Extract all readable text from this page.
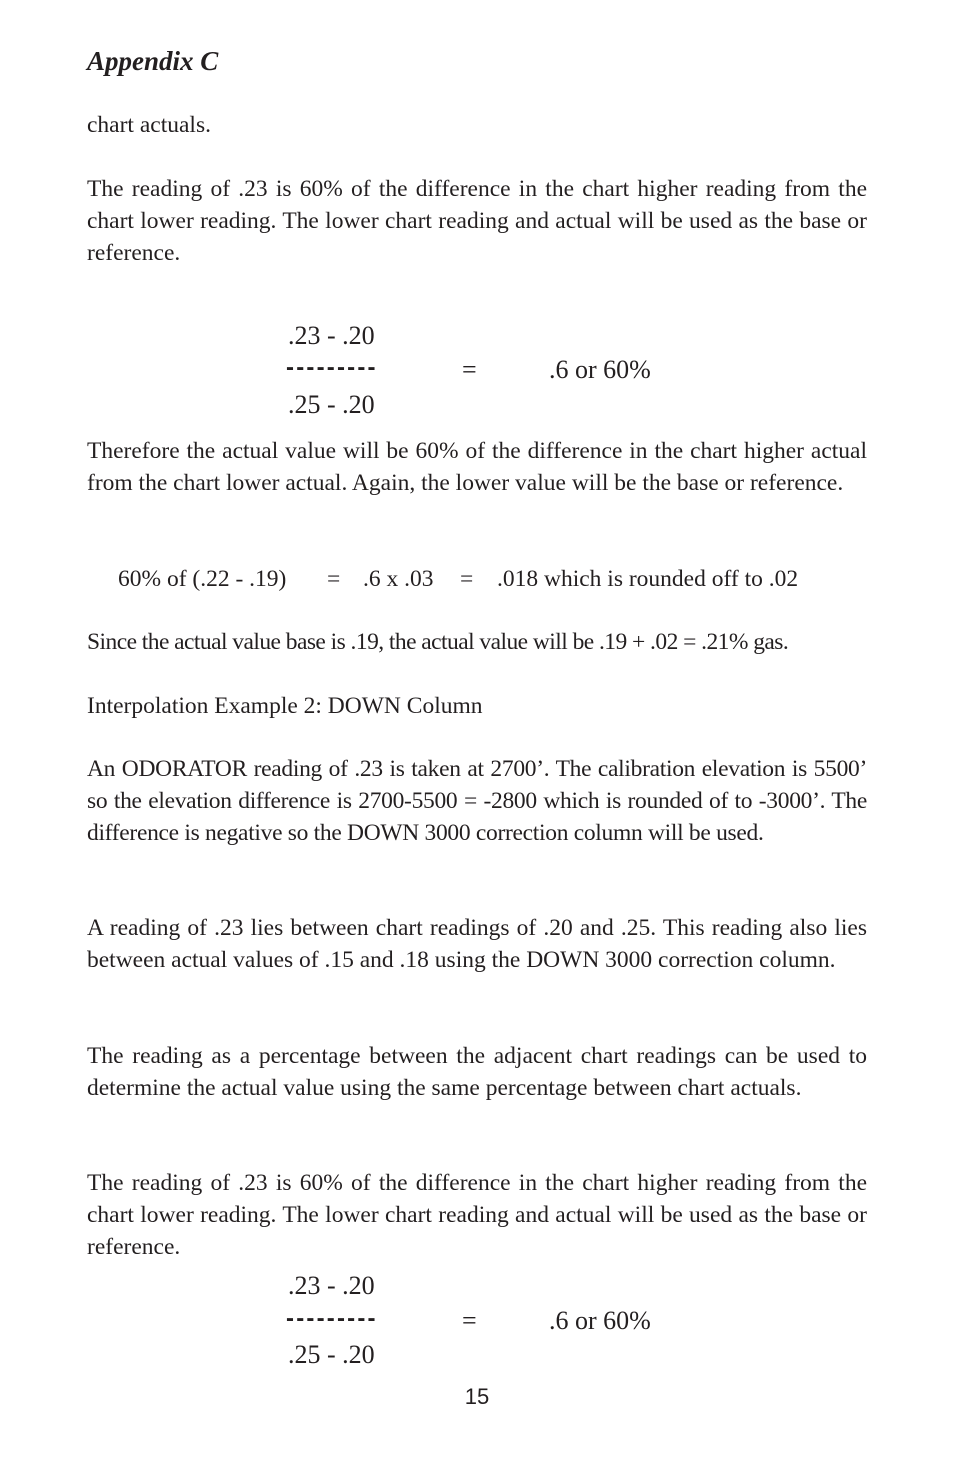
Appendix C
chart actuals.
The reading of .23 is 60% of the difference in the chart higher reading from the chart lower reading. The lower chart reading and actual will be used as the base or reference.
.23 - .20
---------	=	.6 or 60%
.25 - .20
Therefore the actual value will be 60% of the difference in the chart higher actual from the chart lower actual. Again, the lower value will be the base or reference.
60% of (.22 - .19) = .6 x .03 = .018 which is rounded off to .02
Since the actual value base is .19, the actual value will be .19 + .02 = .21% gas.
Interpolation Example 2: DOWN Column
An ODORATOR reading of .23 is taken at 2700’. The calibration elevation is 5500’ so the elevation difference is 2700-5500 = -2800 which is rounded of to -3000’. The difference is negative so the DOWN 3000 correction column will be used.
A reading of .23 lies between chart readings of .20 and .25. This reading also lies between actual values of .15 and .18 using the DOWN 3000 correction column.
The reading as a percentage between the adjacent chart readings can be used to determine the actual value using the same percentage between chart actuals.
The reading of .23 is 60% of the difference in the chart higher reading from the chart lower reading. The lower chart reading and actual will be used as the base or reference.
.23 - .20
---------	=	.6 or 60%
.25 - .20
15
